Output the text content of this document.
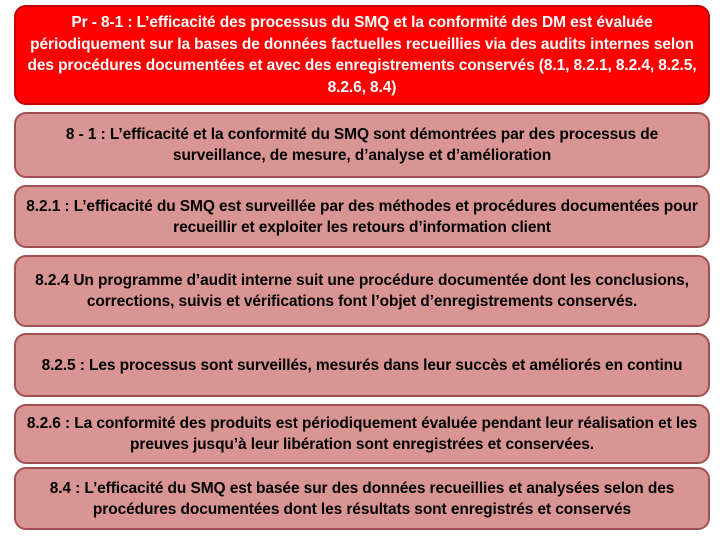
Pr - 8-1 : L’efficacité des processus du SMQ et la conformité des DM est évaluée périodiquement sur la bases de données factuelles recueillies via des audits internes selon des procédures documentées et avec des enregistrements conservés (8.1, 8.2.1, 8.2.4, 8.2.5, 8.2.6, 8.4)
8 - 1 : L’efficacité et la conformité du SMQ sont démontrées par des processus de surveillance, de mesure, d’analyse et d’amélioration
8.2.1 : L’efficacité du SMQ est surveillée par des méthodes et procédures documentées pour recueillir et exploiter les retours d’information client
8.2.4 Un programme d’audit interne suit une procédure documentée dont les conclusions, corrections, suivis et vérifications font l’objet d’enregistrements conservés.
8.2.5 : Les processus sont surveillés, mesurés dans leur succès et améliorés en continu
8.2.6 : La conformité des produits est périodiquement évaluée pendant leur réalisation et les preuves jusqu’à leur libération sont enregistrées et conservées.
8.4 : L’efficacité du SMQ est basée sur des données recueillies et analysées selon des procédures documentées dont les résultats sont enregistrés et conservés
